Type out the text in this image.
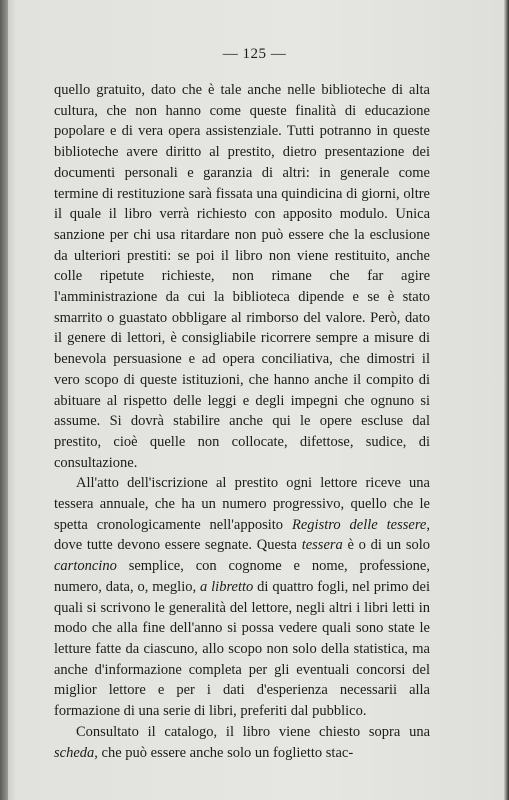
— 125 —

quello gratuito, dato che è tale anche nelle biblioteche di alta cultura, che non hanno come queste finalità di educazione popolare e di vera opera assistenziale. Tutti potranno in queste biblioteche avere diritto al prestito, dietro presentazione dei documenti personali e garanzia di altri: in generale come termine di restituzione sarà fissata una quindicina di giorni, oltre il quale il libro verrà richiesto con apposito modulo. Unica sanzione per chi usa ritardare non può essere che la esclusione da ulteriori prestiti: se poi il libro non viene restituito, anche colle ripetute richieste, non rimane che far agire l'amministrazione da cui la biblioteca dipende e se è stato smarrito o guastato obbligare al rimborso del valore. Però, dato il genere di lettori, è consigliabile ricorrere sempre a misure di benevola persuasione e ad opera conciliativa, che dimostri il vero scopo di queste istituzioni, che hanno anche il compito di abituare al rispetto delle leggi e degli impegni che ognuno si assume. Si dovrà stabilire anche qui le opere escluse dal prestito, cioè quelle non collocate, difettose, sudice, di consultazione.

All'atto dell'iscrizione al prestito ogni lettore riceve una tessera annuale, che ha un numero progressivo, quello che le spetta cronologicamente nell'apposito Registro delle tessere, dove tutte devono essere segnate. Questa tessera è o di un solo cartoncino semplice, con cognome e nome, professione, numero, data, o, meglio, a libretto di quattro fogli, nel primo dei quali si scrivono le generalità del lettore, negli altri i libri letti in modo che alla fine dell'anno si possa vedere quali sono state le letture fatte da ciascuno, allo scopo non solo della statistica, ma anche d'informazione completa per gli eventuali concorsi del miglior lettore e per i dati d'esperienza necessarii alla formazione di una serie di libri, preferiti dal pubblico.

Consultato il catalogo, il libro viene chiesto sopra una scheda, che può essere anche solo un foglietto stac-
